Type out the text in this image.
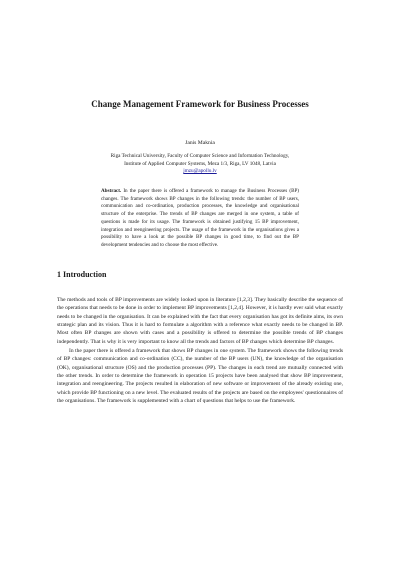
Change Management Framework for Business Processes
Janis Makniа
Riga Technical University, Faculty of Computer Science and Information Technology,
Institute of Applied Computer Systems, Meza 1/3, Riga, LV 1048, Latvia
jmzu@apollo.lv

Abstract. In the paper there is offered a framework to manage the Business Processes (BP) changes. The framework shows BP changes in the following trends: the number of BP users, communication and co-ordination, production processes, the knowledge and organisational structure of the enterprise. The trends of BP changes are merged in one system, a table of questions is made for its usage. The framework is obtained justifying 15 BP improvement, integration and reengineering projects. The usage of the framework in the organisations gives a possibility to have a look at the possible BP changes in good time, to find out the BP development tendencies and to choose the most effective.

1 Introduction

The methods and tools of BP improvements are widely looked upon in literature [1,2,3]. They basically describe the sequence of the operations that needs to be done in order to implement BP improvements [1,2,4]. However, it is hardly ever said what exactly needs to be changed in the organisation. It can be explained with the fact that every organisation has got its definite aims, its own strategic plan and its vision. Thus it is hard to formulate a algorithm with a reference what exactly needs to be changed in BP. Most often BP changes are shown with cases and a possibility is offered to determine the possible trends of BP changes independently. That is why it is very important to know all the trends and factors of BP changes which determine BP changes.

In the paper there is offered a framework that shows BP changes in one system. The framework shows the following trends of BP changes: communication and co-ordination (CC), the number of the BP users (UN), the knowledge of the organisation (OK), organisational structure (OS) and the production processes (PP). The changes in each trend are mutually connected with the other trends. In order to determine the framework in operation 15 projects have been analysed that show BP improvement, integration and reengineering. The projects resulted in elaboration of new software or improvement of the already existing one, which provide BP functioning on a new level. The evaluated results of the projects are based on the employees' questionnaires of the organisations. The framework is supplemented with a chart of questions that helps to use the framework.
